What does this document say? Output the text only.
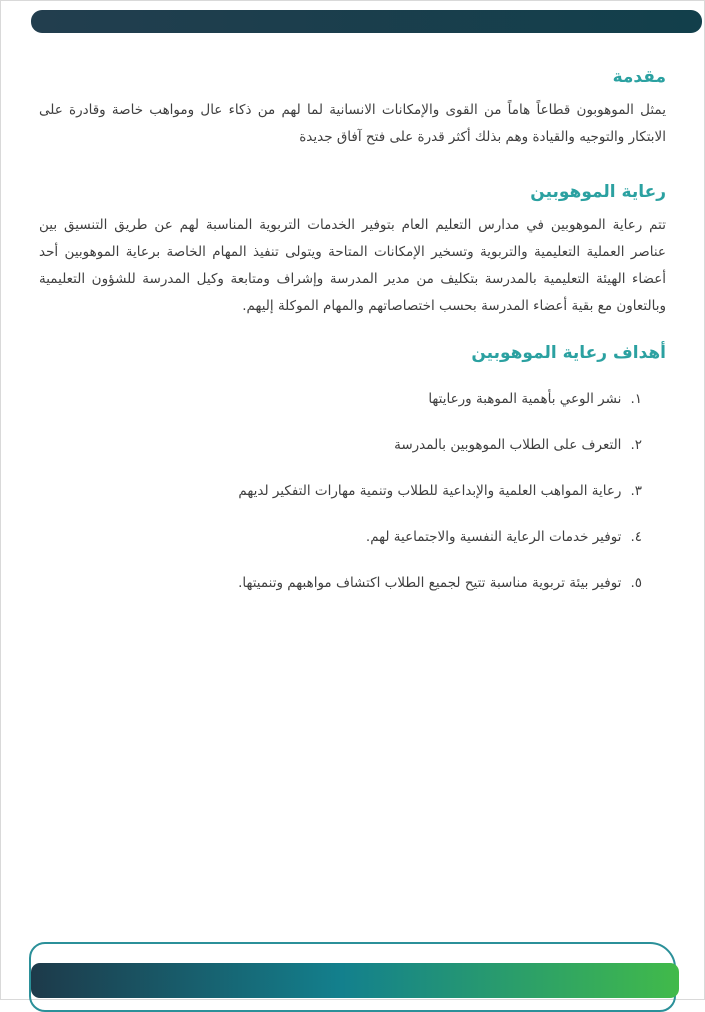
مقدمة

يمثل الموهوبون قطاعاً هاماً من القوى والإمكانات الانسانية لما لهم من ذكاء عال ومواهب خاصة وقادرة على الابتكار والتوجيه والقيادة وهم بذلك أكثر قدرة على فتح آفاق جديدة

رعاية الموهوبين

تتم رعاية الموهوبين في مدارس التعليم العام بتوفير الخدمات التربوية المناسبة لهم عن طريق التنسيق بين عناصر العملية التعليمية والتربوية وتسخير الإمكانات المتاحة ويتولى تنفيذ المهام الخاصة برعاية الموهوبين أحد أعضاء الهيئة التعليمية بالمدرسة بتكليف من مدير المدرسة وإشراف ومتابعة وكيل المدرسة للشؤون التعليمية وبالتعاون مع بقية أعضاء المدرسة بحسب اختصاصاتهم والمهام الموكلة إليهم.

أهداف رعاية الموهوبين
١.
نشر الوعي بأهمية الموهبة ورعايتها
٢.
التعرف على الطلاب الموهوبين بالمدرسة
٣.
رعاية المواهب العلمية والإبداعية للطلاب وتنمية مهارات التفكير لديهم
٤.
توفير خدمات الرعاية النفسية والاجتماعية لهم.
٥.
توفير بيئة تربوية مناسبة تتيح لجميع الطلاب اكتشاف مواهبهم وتنميتها.
